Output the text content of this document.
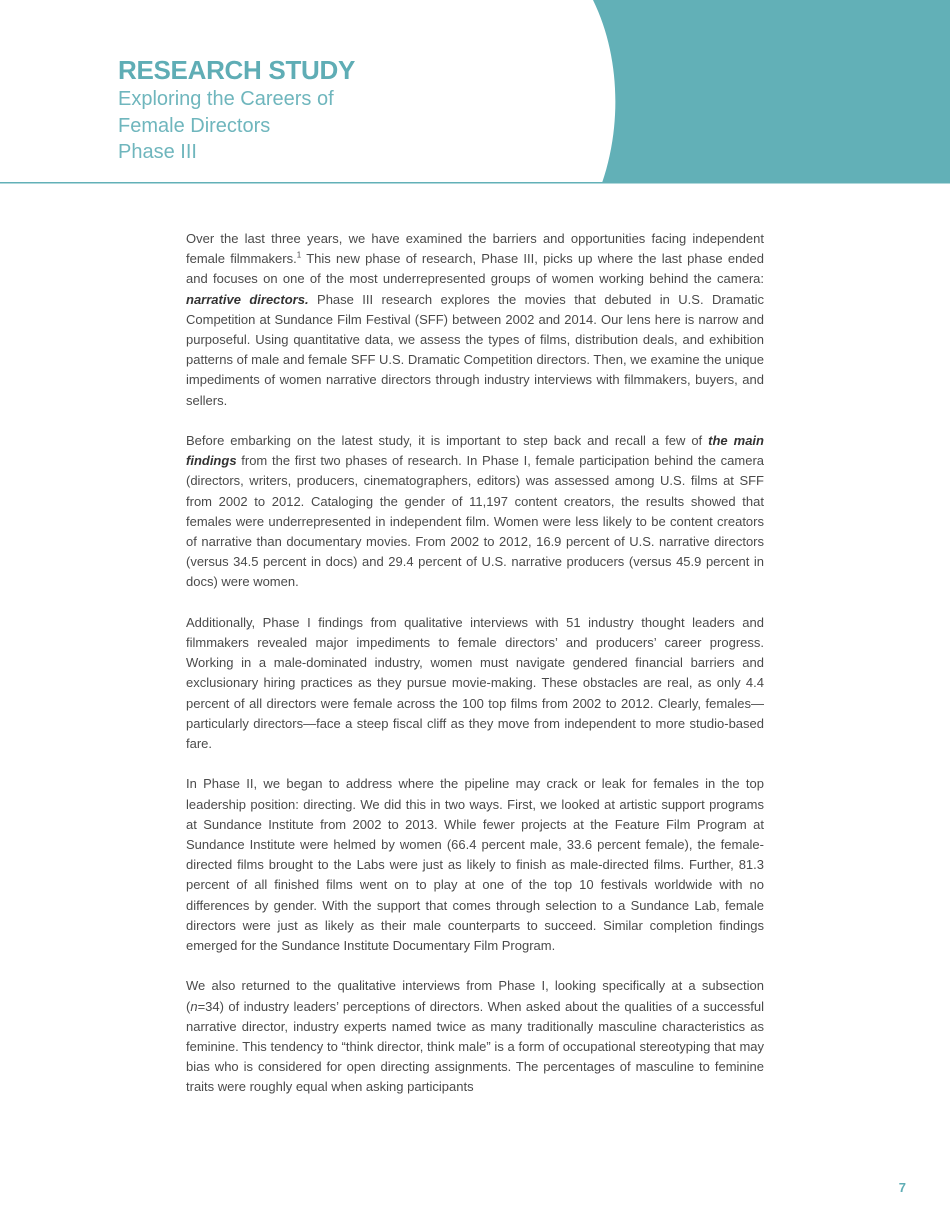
RESEARCH STUDY
Exploring the Careers of
Female Directors
Phase III

Over the last three years, we have examined the barriers and opportunities facing independent female filmmakers.$^1$ This new phase of research, Phase III, picks up where the last phase ended and focuses on one of the most underrepresented groups of women working behind the camera: narrative directors. Phase III research explores the movies that debuted in U.S. Dramatic Competition at Sundance Film Festival (SFF) between 2002 and 2014. Our lens here is narrow and purposeful. Using quantitative data, we assess the types of films, distribution deals, and exhibition patterns of male and female SFF U.S. Dramatic Competition directors. Then, we examine the unique impediments of women narrative directors through industry interviews with filmmakers, buyers, and sellers.

Before embarking on the latest study, it is important to step back and recall a few of the main findings from the first two phases of research. In Phase I, female participation behind the camera (directors, writers, producers, cinematographers, editors) was assessed among U.S. films at SFF from 2002 to 2012. Cataloging the gender of 11,197 content creators, the results showed that females were underrepresented in independent film. Women were less likely to be content creators of narrative than documentary movies. From 2002 to 2012, 16.9 percent of U.S. narrative directors (versus 34.5 percent in docs) and 29.4 percent of U.S. narrative producers (versus 45.9 percent in docs) were women.

Additionally, Phase I findings from qualitative interviews with 51 industry thought leaders and filmmakers revealed major impediments to female directors’ and producers’ career progress. Working in a male-dominated industry, women must navigate gendered financial barriers and exclusionary hiring practices as they pursue movie-making. These obstacles are real, as only 4.4 percent of all directors were female across the 100 top films from 2002 to 2012. Clearly, females—particularly directors—face a steep fiscal cliff as they move from independent to more studio-based fare.

In Phase II, we began to address where the pipeline may crack or leak for females in the top leadership position: directing. We did this in two ways. First, we looked at artistic support programs at Sundance Institute from 2002 to 2013. While fewer projects at the Feature Film Program at Sundance Institute were helmed by women (66.4 percent male, 33.6 percent female), the female-directed films brought to the Labs were just as likely to finish as male-directed films. Further, 81.3 percent of all finished films went on to play at one of the top 10 festivals worldwide with no differences by gender. With the support that comes through selection to a Sundance Lab, female directors were just as likely as their male counterparts to succeed. Similar completion findings emerged for the Sundance Institute Documentary Film Program.

We also returned to the qualitative interviews from Phase I, looking specifically at a subsection (n=34) of industry leaders’ perceptions of directors. When asked about the qualities of a successful narrative director, industry experts named twice as many traditionally masculine characteristics as feminine. This tendency to “think director, think male” is a form of occupational stereotyping that may bias who is considered for open directing assignments. The percentages of masculine to feminine traits were roughly equal when asking participants

7
